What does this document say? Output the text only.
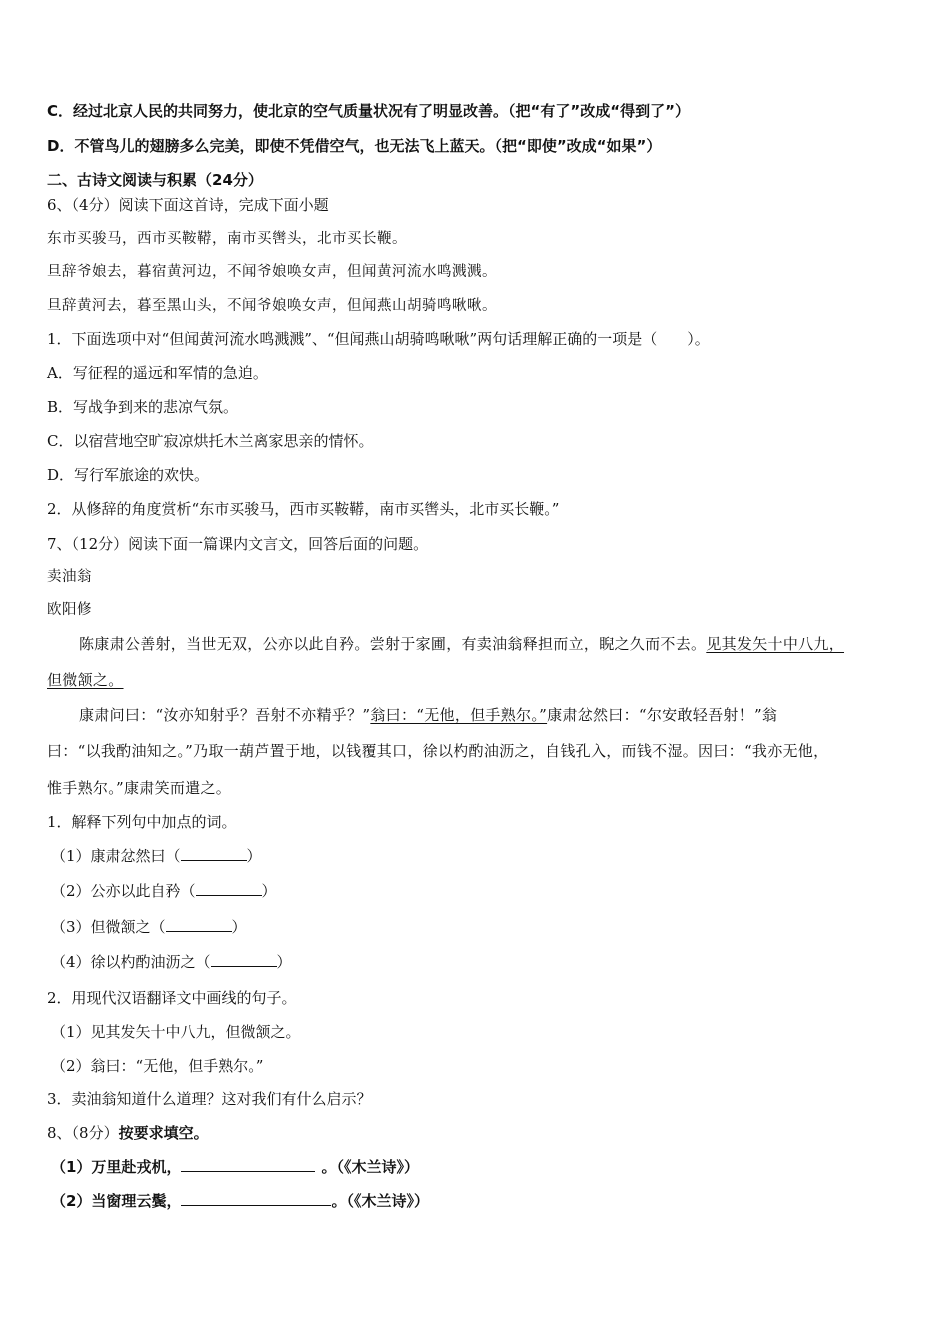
C．经过北京人民的共同努力，使北京的空气质量状况有了明显改善。（把“有了”改成“得到了”）
D．不管鸟儿的翅膀多么完美，即使不凭借空气，也无法飞上蓝天。（把“即使”改成“如果”）
二、古诗文阅读与积累（24分）
6、（4分）阅读下面这首诗，完成下面小题
东市买骏马，西市买鞍鞯，南市买辔头，北市买长鞭。
旦辞爷娘去，暮宿黄河边，不闻爷娘唤女声，但闻黄河流水鸣溅溅。
旦辞黄河去，暮至黑山头，不闻爷娘唤女声，但闻燕山胡骑鸣啾啾。
1．下面选项中对“但闻黄河流水鸣溅溅”、“但闻燕山胡骑鸣啾啾”两句话理解正确的一项是（　　）。
A．写征程的遥远和军情的急迫。
B．写战争到来的悲凉气氛。
C．以宿营地空旷寂凉烘托木兰离家思亲的情怀。
D．写行军旅途的欢快。
2．从修辞的角度赏析“东市买骏马，西市买鞍鞯，南市买辔头，北市买长鞭。”
7、（12分）阅读下面一篇课内文言文，回答后面的问题。
卖油翁
欧阳修
陈康肃公善射，当世无双，公亦以此自矜。尝射于家圃，有卖油翁释担而立，睨之久而不去。见其发矢十中八九，
但微颔之。
康肃问曰：“汝亦知射乎？吾射不亦精乎？”翁曰：“无他，但手熟尔。”康肃忿然曰：“尔安敢轻吾射！”翁
曰：“以我酌油知之。”乃取一葫芦置于地，以钱覆其口，徐以杓酌油沥之，自钱孔入，而钱不湿。因曰：“我亦无他，
惟手熟尔。”康肃笑而遣之。
1．解释下列句中加点的词。
（1）康肃忿然曰（	）
（2）公亦以此自矜（	）
（3）但微颔之（	）
（4）徐以杓酌油沥之（	）
2．用现代汉语翻译文中画线的句子。
（1）见其发矢十中八九，但微颔之。
（2）翁曰：“无他，但手熟尔。”
3．卖油翁知道什么道理？这对我们有什么启示？
8、（8分）按要求填空。
（1）万里赴戎机，	。（《木兰诗》）
（2）当窗理云鬓，	。（《木兰诗》）
